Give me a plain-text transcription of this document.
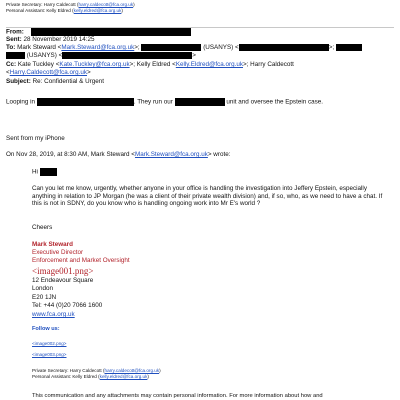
Private Secretary: Harry Caldecott (harry.caldecott@fca.org.uk)
Personal Assistant: Kelly Eldred (kelly.eldred@fca.org.uk)
From:
Sent: 28 November 2019 14:25
To: Mark Steward <Mark.Steward@fca.org.uk>;	(USANYS) <	>;
(USANYS) <	>
Cc: Kate Tuckley <Kate.Tuckley@fca.org.uk>; Kelly Eldred <Kelly.Eldred@fca.org.uk>; Harry Caldecott
<Harry.Caldecott@fca.org.uk>
Subject: Re: Confidential & Urgent
Looping in	. They run our	unit and oversee the Epstein case.
Sent from my iPhone
On Nov 28, 2019, at 8:30 AM, Mark Steward <Mark.Steward@fca.org.uk> wrote:
Hi
Can you let me know, urgently, whether anyone in your office is handling the investigation into Jeffery Epstein, especially anything in relation to JP Morgan (he was a client of their private wealth division) and, if so, who, as we need to have a chat. If this is not in SDNY, do you know who is handling ongoing work into Mr E's world ?
Cheers
Mark Steward
Executive Director
Enforcement and Market Oversight
<image001.png>
12 Endeavour Square
London
E20 1JN
Tel: +44 (0)20 7066 1600
www.fca.org.uk
Follow us:
<image002.png>
<image003.png>
Private Secretary: Harry Caldecott (harry.caldecott@fca.org.uk)
Personal Assistant: Kelly Eldred (kelly.eldred@fca.org.uk)
This communication and any attachments may contain personal information. For more information about how and
